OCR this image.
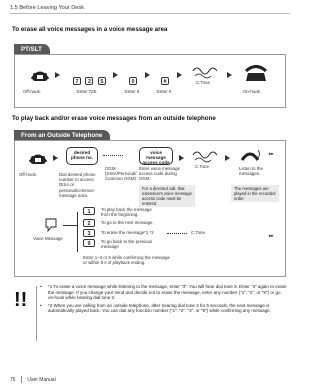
1.5 Before Leaving Your Desk
To erase all voice messages in a voice message area
PT/SLT
Off-hook.
7 2 5
Enter 725.
0
Enter 0.
#
Enter #.
C.Tone
On-hook.
To play back and/or erase voice messages from an outside telephone
From an Outside Telephone
Off-hook.
desired phone no.
Dial desired phone number to access DISA or personal/common message area.
OGM (DISA/Personal/ Common OGM)
voice message access code
Enter voice message access code during OGM.
C.Tone	Listen to the messages.
▸▸
For a directed call, that extension's voice message access code must be entered.
The messages are played in the recorded order.
Voice Message
1	To play back the message from the beginning.
2	To go to the next message.
3	To erase the message*1 *2	C.Tone
9	To go back to the previous message
Enter 1–3 or 9 while confirming the message or within 5 s of playback ending.
▸▸
!!
• *1 To erase a voice message while listening to the message, enter "3". You will hear dial tone 3. Enter "3" again to erase the message. If you change your mind and decide not to erase the message, enter any number ("1", "2", or "9") or go on-hook while hearing dial tone 3.
• *2 When you are calling from an outside telephone, after hearing dial tone 3 for 5 seconds, the next message is automatically played back. You can dial any function number ("1", "2", "3", or "9") while confirming any message.
76 User Manual
